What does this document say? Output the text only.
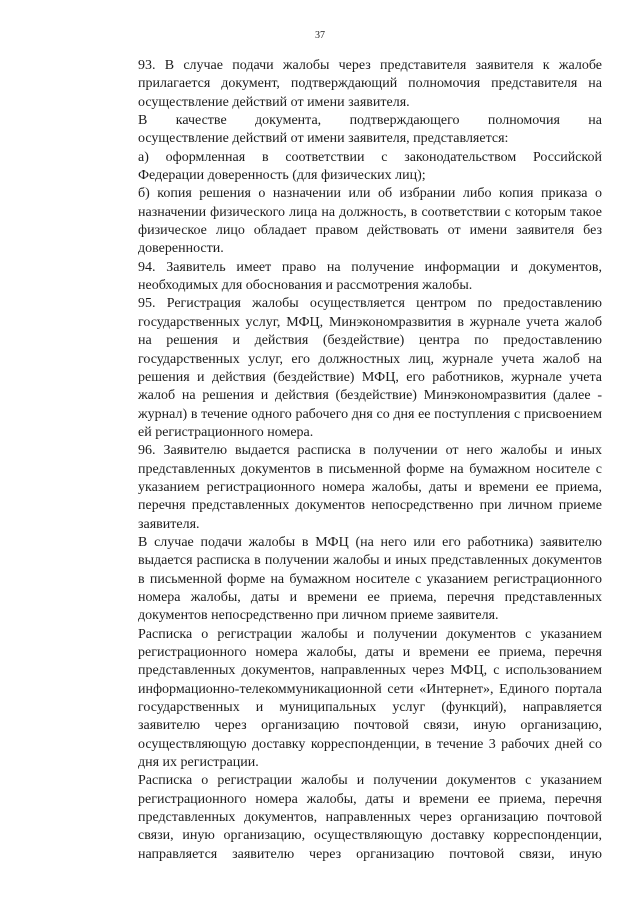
37

93. В случае подачи жалобы через представителя заявителя к жалобе
прилагается документ, подтверждающий полномочия представителя на
осуществление действий от имени заявителя.

В качестве документа, подтверждающего полномочия на
осуществление действий от имени заявителя, представляется:

а) оформленная в соответствии с законодательством Российской
Федерации доверенность (для физических лиц);

б) копия решения о назначении или об избрании либо копия приказа о
назначении физического лица на должность, в соответствии с которым такое
физическое лицо обладает правом действовать от имени заявителя без
доверенности.

94. Заявитель имеет право на получение информации и документов,
необходимых для обоснования и рассмотрения жалобы.

95. Регистрация жалобы осуществляется центром по предоставлению
государственных услуг, МФЦ, Минэкономразвития в журнале учета жалоб
на решения и действия (бездействие) центра по предоставлению
государственных услуг, его должностных лиц, журнале учета жалоб на
решения и действия (бездействие) МФЦ, его работников, журнале учета
жалоб на решения и действия (бездействие) Минэкономразвития (далее -
журнал) в течение одного рабочего дня со дня ее поступления с присвоением
ей регистрационного номера.

96. Заявителю выдается расписка в получении от него жалобы и иных
представленных документов в письменной форме на бумажном носителе с
указанием регистрационного номера жалобы, даты и времени ее приема,
перечня представленных документов непосредственно при личном приеме
заявителя.

В случае подачи жалобы в МФЦ (на него или его работника) заявителю
выдается расписка в получении жалобы и иных представленных документов
в письменной форме на бумажном носителе с указанием регистрационного
номера жалобы, даты и времени ее приема, перечня представленных
документов непосредственно при личном приеме заявителя.

Расписка о регистрации жалобы и получении документов с указанием
регистрационного номера жалобы, даты и времени ее приема, перечня
представленных документов, направленных через МФЦ, с использованием
информационно-телекоммуникационной сети «Интернет», Единого портала
государственных и муниципальных услуг (функций), направляется
заявителю через организацию почтовой связи, иную организацию,
осуществляющую доставку корреспонденции, в течение 3 рабочих дней со
дня их регистрации.

Расписка о регистрации жалобы и получении документов с указанием
регистрационного номера жалобы, даты и времени ее приема, перечня
представленных документов, направленных через организацию почтовой
связи, иную организацию, осуществляющую доставку корреспонденции,
направляется заявителю через организацию почтовой связи, иную
